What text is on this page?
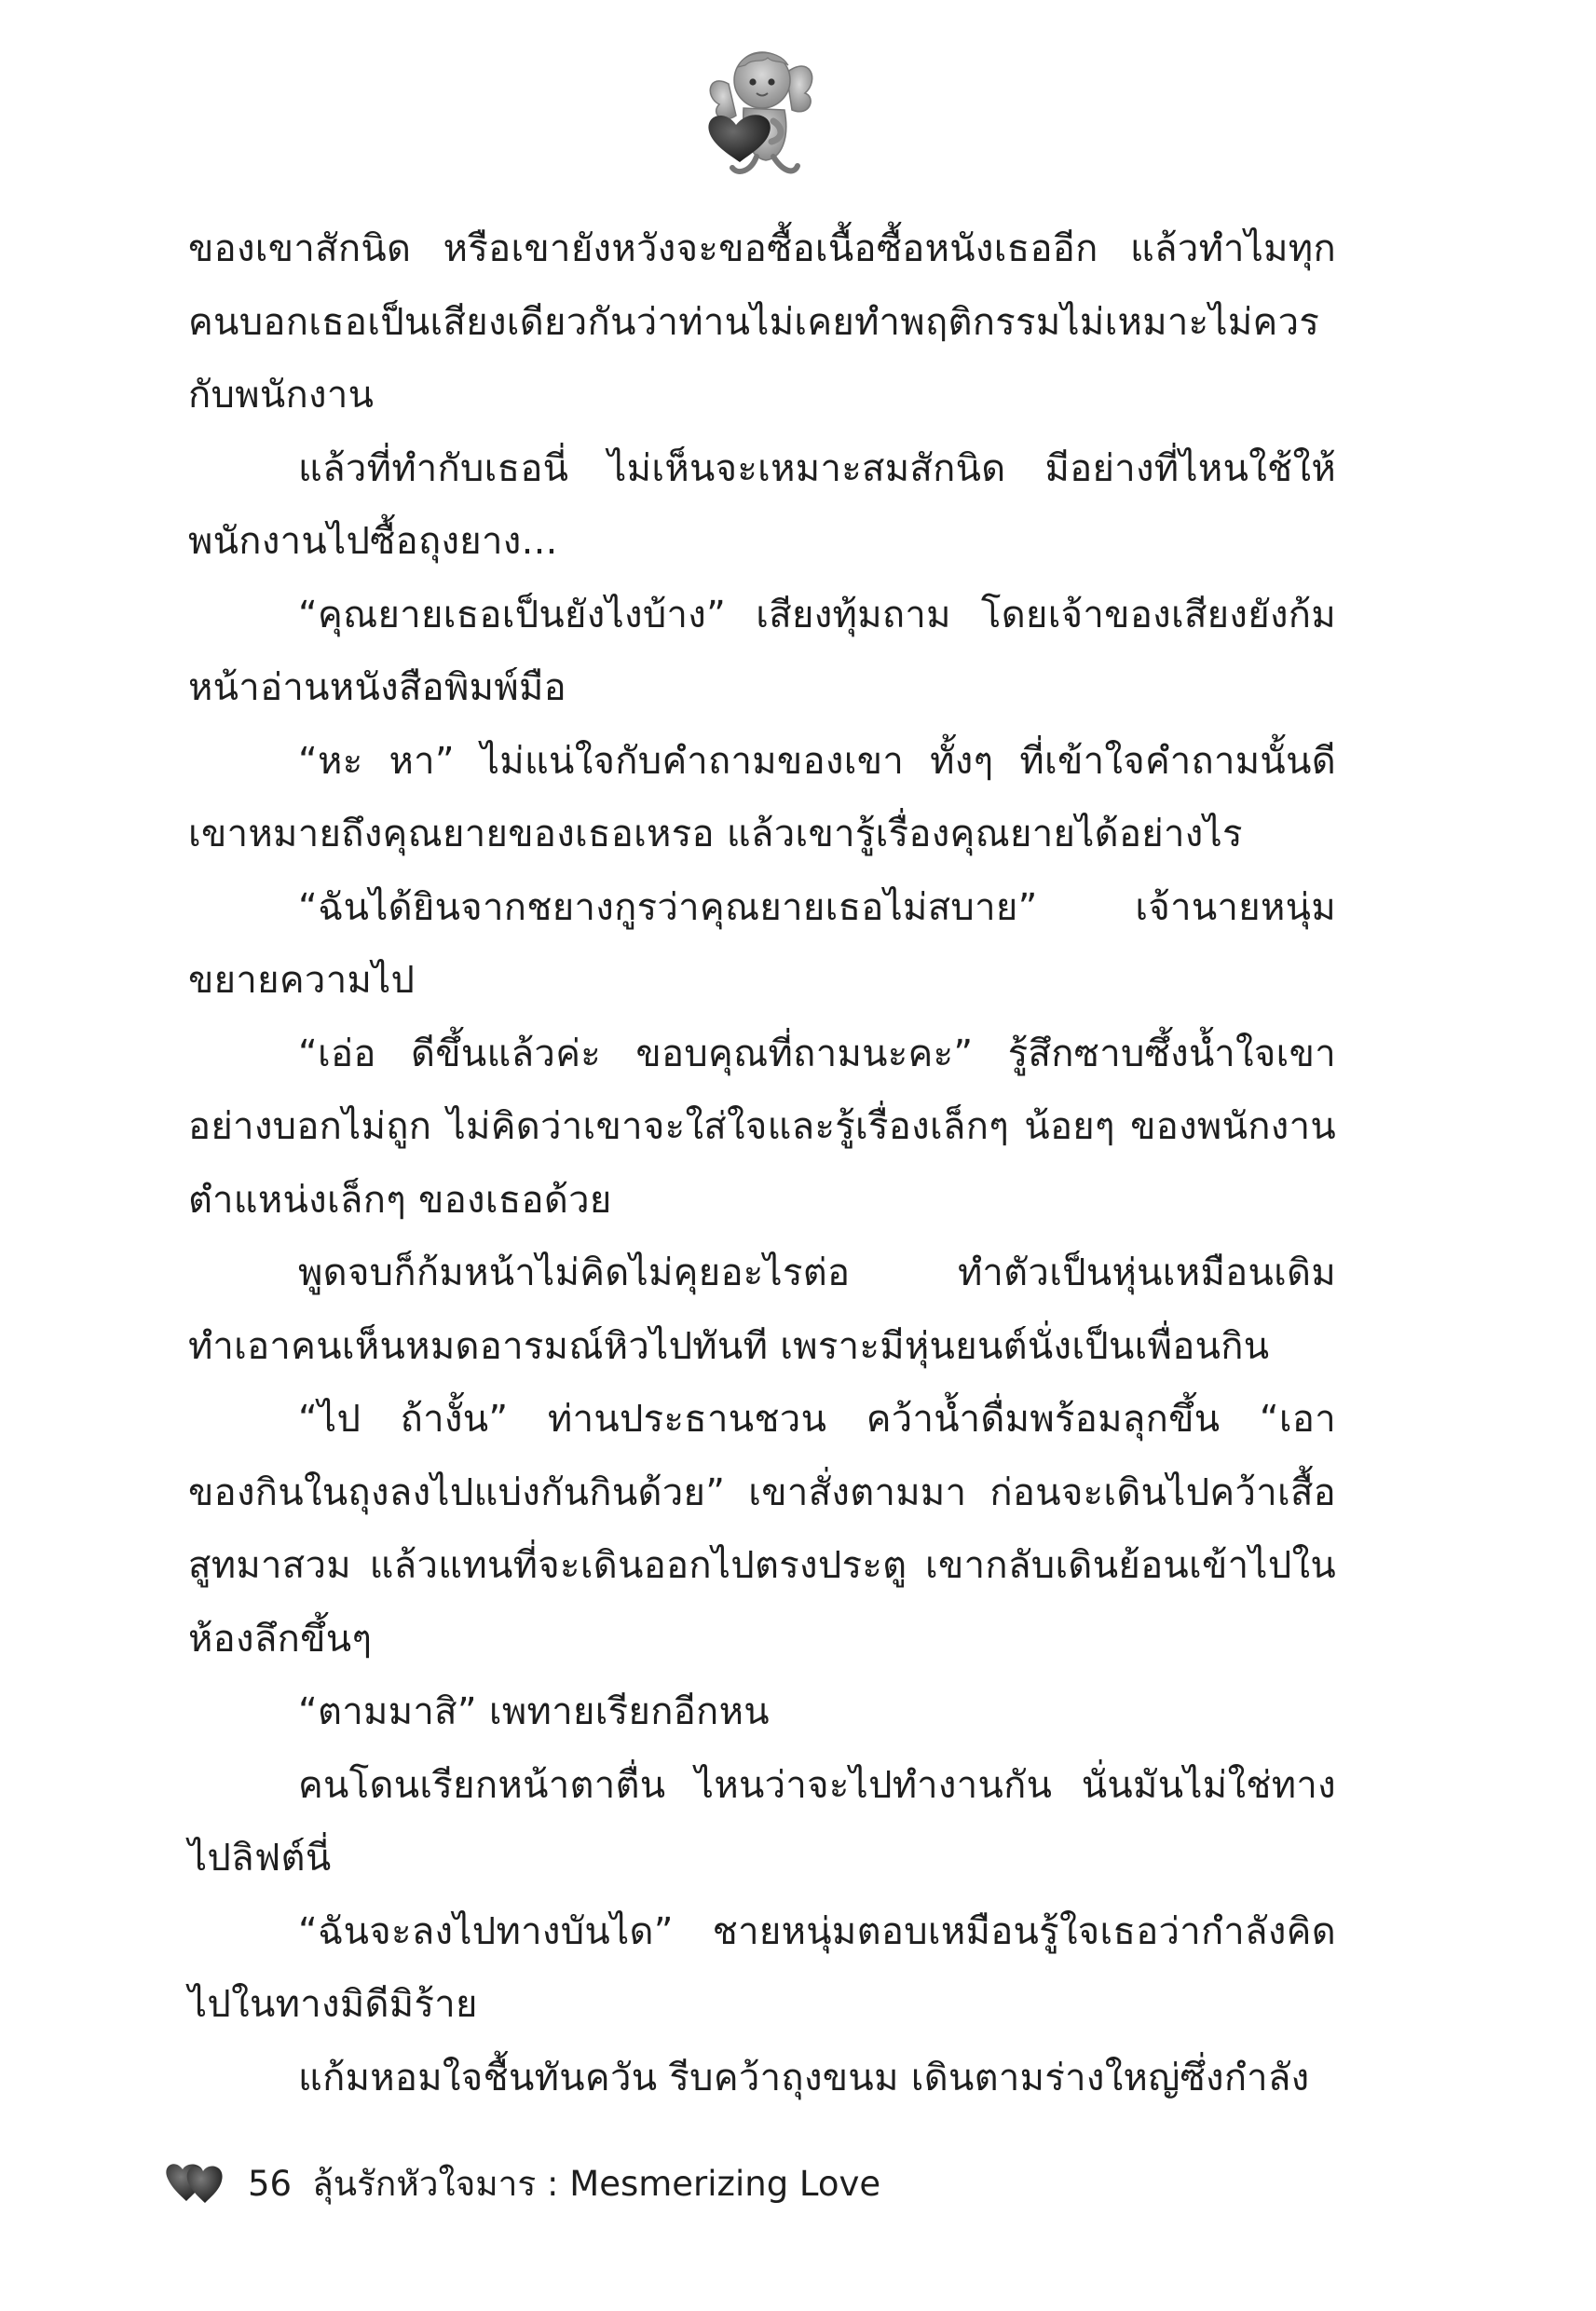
ของเขาสักนิด หรือเขายังหวังจะขอซื้อเนื้อซื้อหนังเธออีก แล้วทำไมทุกคนบอกเธอเป็นเสียงเดียวกันว่าท่านไม่เคยทำพฤติกรรมไม่เหมาะไม่ควรกับพนักงาน

แล้วที่ทำกับเธอนี่ ไม่เห็นจะเหมาะสมสักนิด มีอย่างที่ไหนใช้ให้พนักงานไปซื้อถุงยาง...

“คุณยายเธอเป็นยังไงบ้าง” เสียงทุ้มถาม โดยเจ้าของเสียงยังก้มหน้าอ่านหนังสือพิมพ์มือ

“หะ หา” ไม่แน่ใจกับคำถามของเขา ทั้งๆ ที่เข้าใจคำถามนั้นดี เขาหมายถึงคุณยายของเธอเหรอ แล้วเขารู้เรื่องคุณยายได้อย่างไร

“ฉันได้ยินจากชยางกูรว่าคุณยายเธอไม่สบาย” เจ้านายหนุ่มขยายความไป

“เอ่อ ดีขึ้นแล้วค่ะ ขอบคุณที่ถามนะคะ” รู้สึกซาบซึ้งน้ำใจเขาอย่างบอกไม่ถูก ไม่คิดว่าเขาจะใส่ใจและรู้เรื่องเล็กๆ น้อยๆ ของพนักงานตำแหน่งเล็กๆ ของเธอด้วย

พูดจบก็ก้มหน้าไม่คิดไม่คุยอะไรต่อ ทำตัวเป็นหุ่นเหมือนเดิม ทำเอาคนเห็นหมดอารมณ์หิวไปทันที เพราะมีหุ่นยนต์นั่งเป็นเพื่อนกิน

“ไป ถ้างั้น” ท่านประธานชวน คว้าน้ำดื่มพร้อมลุกขึ้น “เอาของกินในถุงลงไปแบ่งกันกินด้วย” เขาสั่งตามมา ก่อนจะเดินไปคว้าเสื้อสูทมาสวม แล้วแทนที่จะเดินออกไปตรงประตู เขากลับเดินย้อนเข้าไปในห้องลึกขึ้นๆ

“ตามมาสิ” เพทายเรียกอีกหน

คนโดนเรียกหน้าตาตื่น ไหนว่าจะไปทำงานกัน นั่นมันไม่ใช่ทางไปลิฟต์นี่

“ฉันจะลงไปทางบันได” ชายหนุ่มตอบเหมือนรู้ใจเธอว่ากำลังคิดไปในทางมิดีมิร้าย

แก้มหอมใจชื้นทันควัน รีบคว้าถุงขนม เดินตามร่างใหญ่ซึ่งกำลัง

56 ลุ้นรักหัวใจมาร : Mesmerizing Love
